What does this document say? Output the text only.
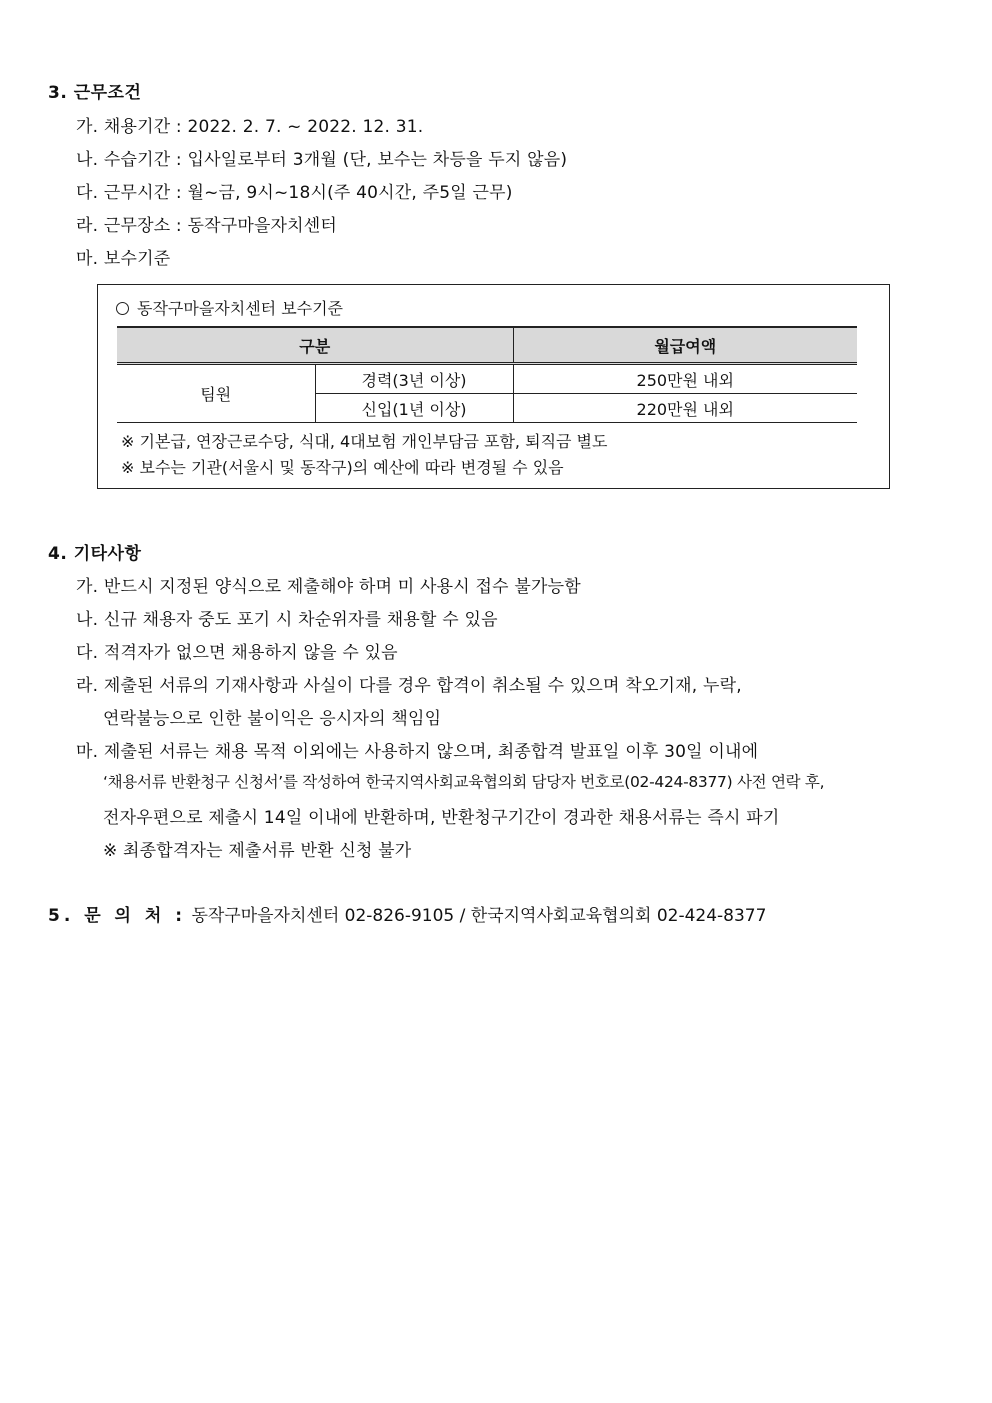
3. 근무조건
가. 채용기간 : 2022. 2. 7. ~ 2022. 12. 31.
나. 수습기간 : 입사일로부터 3개월 (단, 보수는 차등을 두지 않음)
다. 근무시간 : 월~금, 9시~18시(주 40시간, 주5일 근무)
라. 근무장소 : 동작구마을자치센터
마. 보수기준
동작구마을자치센터 보수기준
구분		월급여액
팀원	경력(3년 이상)	250만원 내외
	신입(1년 이상)	220만원 내외
※ 기본급, 연장근로수당, 식대, 4대보험 개인부담금 포함, 퇴직금 별도
※ 보수는 기관(서울시 및 동작구)의 예산에 따라 변경될 수 있음
4. 기타사항
가. 반드시 지정된 양식으로 제출해야 하며 미 사용시 접수 불가능함
나. 신규 채용자 중도 포기 시 차순위자를 채용할 수 있음
다. 적격자가 없으면 채용하지 않을 수 있음
라. 제출된 서류의 기재사항과 사실이 다를 경우 합격이 취소될 수 있으며 착오기재, 누락,
연락불능으로 인한 불이익은 응시자의 책임임
마. 제출된 서류는 채용 목적 이외에는 사용하지 않으며, 최종합격 발표일 이후 30일 이내에
‘채용서류 반환청구 신청서’를 작성하여 한국지역사회교육협의회 담당자 번호로(02-424-8377) 사전 연락 후,
전자우편으로 제출시 14일 이내에 반환하며, 반환청구기간이 경과한 채용서류는 즉시 파기
※ 최종합격자는 제출서류 반환 신청 불가
5. 문 의 처 : 동작구마을자치센터 02-826-9105 / 한국지역사회교육협의회 02-424-8377
